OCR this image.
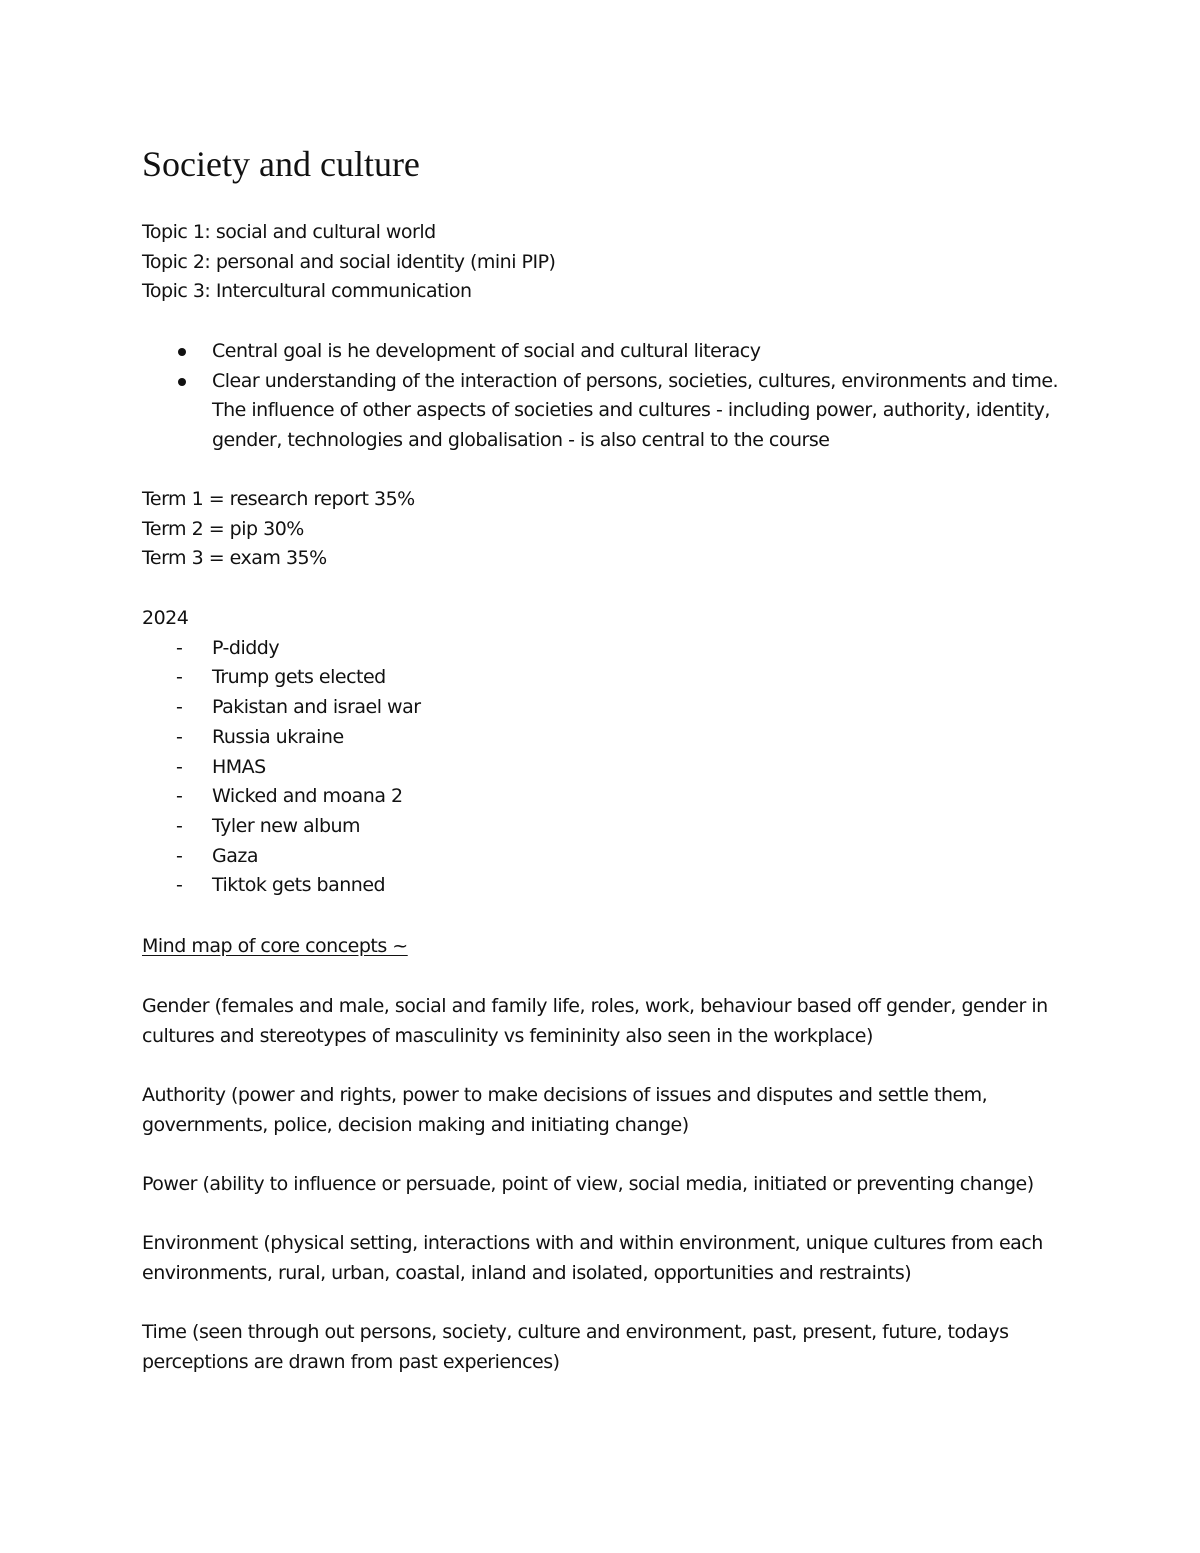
Society and culture
Topic 1: social and cultural world
Topic 2: personal and social identity (mini PIP)
Topic 3: Intercultural communication
Central goal is he development of social and cultural literacy
Clear understanding of the interaction of persons, societies, cultures, environments and time. The influence of other aspects of societies and cultures - including power, authority, identity, gender, technologies and globalisation - is also central to the course
Term 1 = research report 35%
Term 2 = pip 30%
Term 3 = exam 35%
2024
- P-diddy
- Trump gets elected
- Pakistan and israel war
- Russia ukraine
- HMAS
- Wicked and moana 2
- Tyler new album
- Gaza
- Tiktok gets banned
Mind map of core concepts ~
Gender (females and male, social and family life, roles, work, behaviour based off gender, gender in cultures and stereotypes of masculinity vs femininity also seen in the workplace)
Authority (power and rights, power to make decisions of issues and disputes and settle them, governments, police, decision making and initiating change)
Power (ability to influence or persuade, point of view, social media, initiated or preventing change)
Environment (physical setting, interactions with and within environment, unique cultures from each environments, rural, urban, coastal, inland and isolated, opportunities and restraints)
Time (seen through out persons, society, culture and environment, past, present, future, todays perceptions are drawn from past experiences)
